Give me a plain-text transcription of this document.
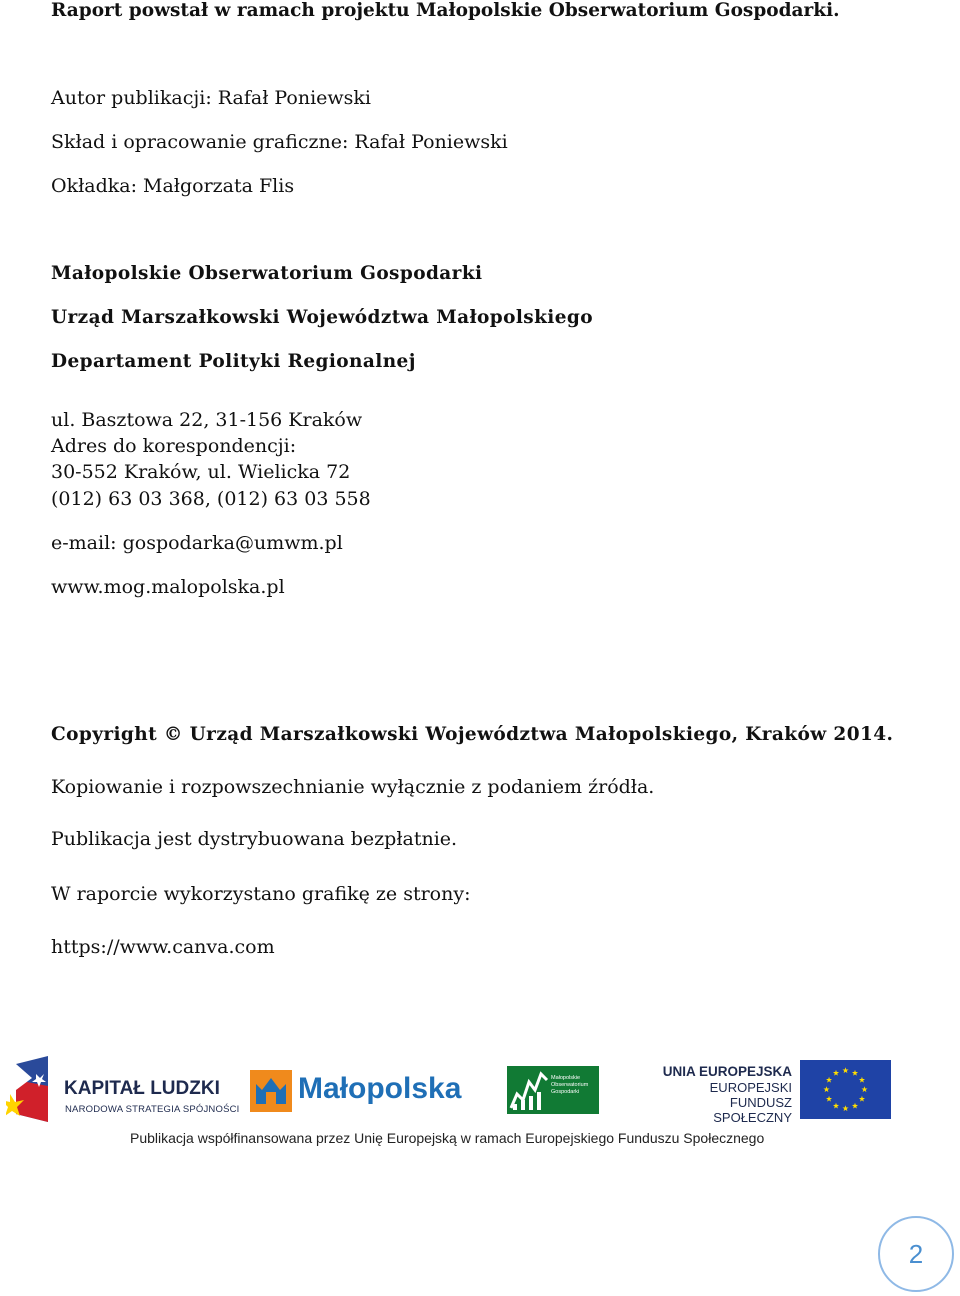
Raport powstał w ramach projektu Małopolskie Obserwatorium Gospodarki.
Autor publikacji: Rafał Poniewski
Skład i opracowanie graficzne: Rafał Poniewski
Okładka: Małgorzata Flis
Małopolskie Obserwatorium Gospodarki
Urząd Marszałkowski Województwa Małopolskiego
Departament Polityki Regionalnej
ul. Basztowa 22, 31-156 Kraków
Adres do korespondencji:
30-552 Kraków, ul. Wielicka 72
(012) 63 03 368, (012) 63 03 558
e-mail: gospodarka@umwm.pl
www.mog.malopolska.pl
Copyright © Urząd Marszałkowski Województwa Małopolskiego, Kraków 2014.
Kopiowanie i rozpowszechnianie wyłącznie z podaniem źródła.
Publikacja jest dystrybuowana bezpłatnie.
W raporcie wykorzystano grafikę ze strony:
https://www.canva.com
KAPITAŁ LUDZKI
NARODOWA STRATEGIA SPÓJNOŚCI
Małopolska	Małopolskie
Obserwatorium
Gospodarki
UNIA EUROPEJSKA
EUROPEJSKI
FUNDUSZ SPOŁECZNY
Publikacja współfinansowana przez Unię Europejską w ramach Europejskiego Funduszu Społecznego
2
